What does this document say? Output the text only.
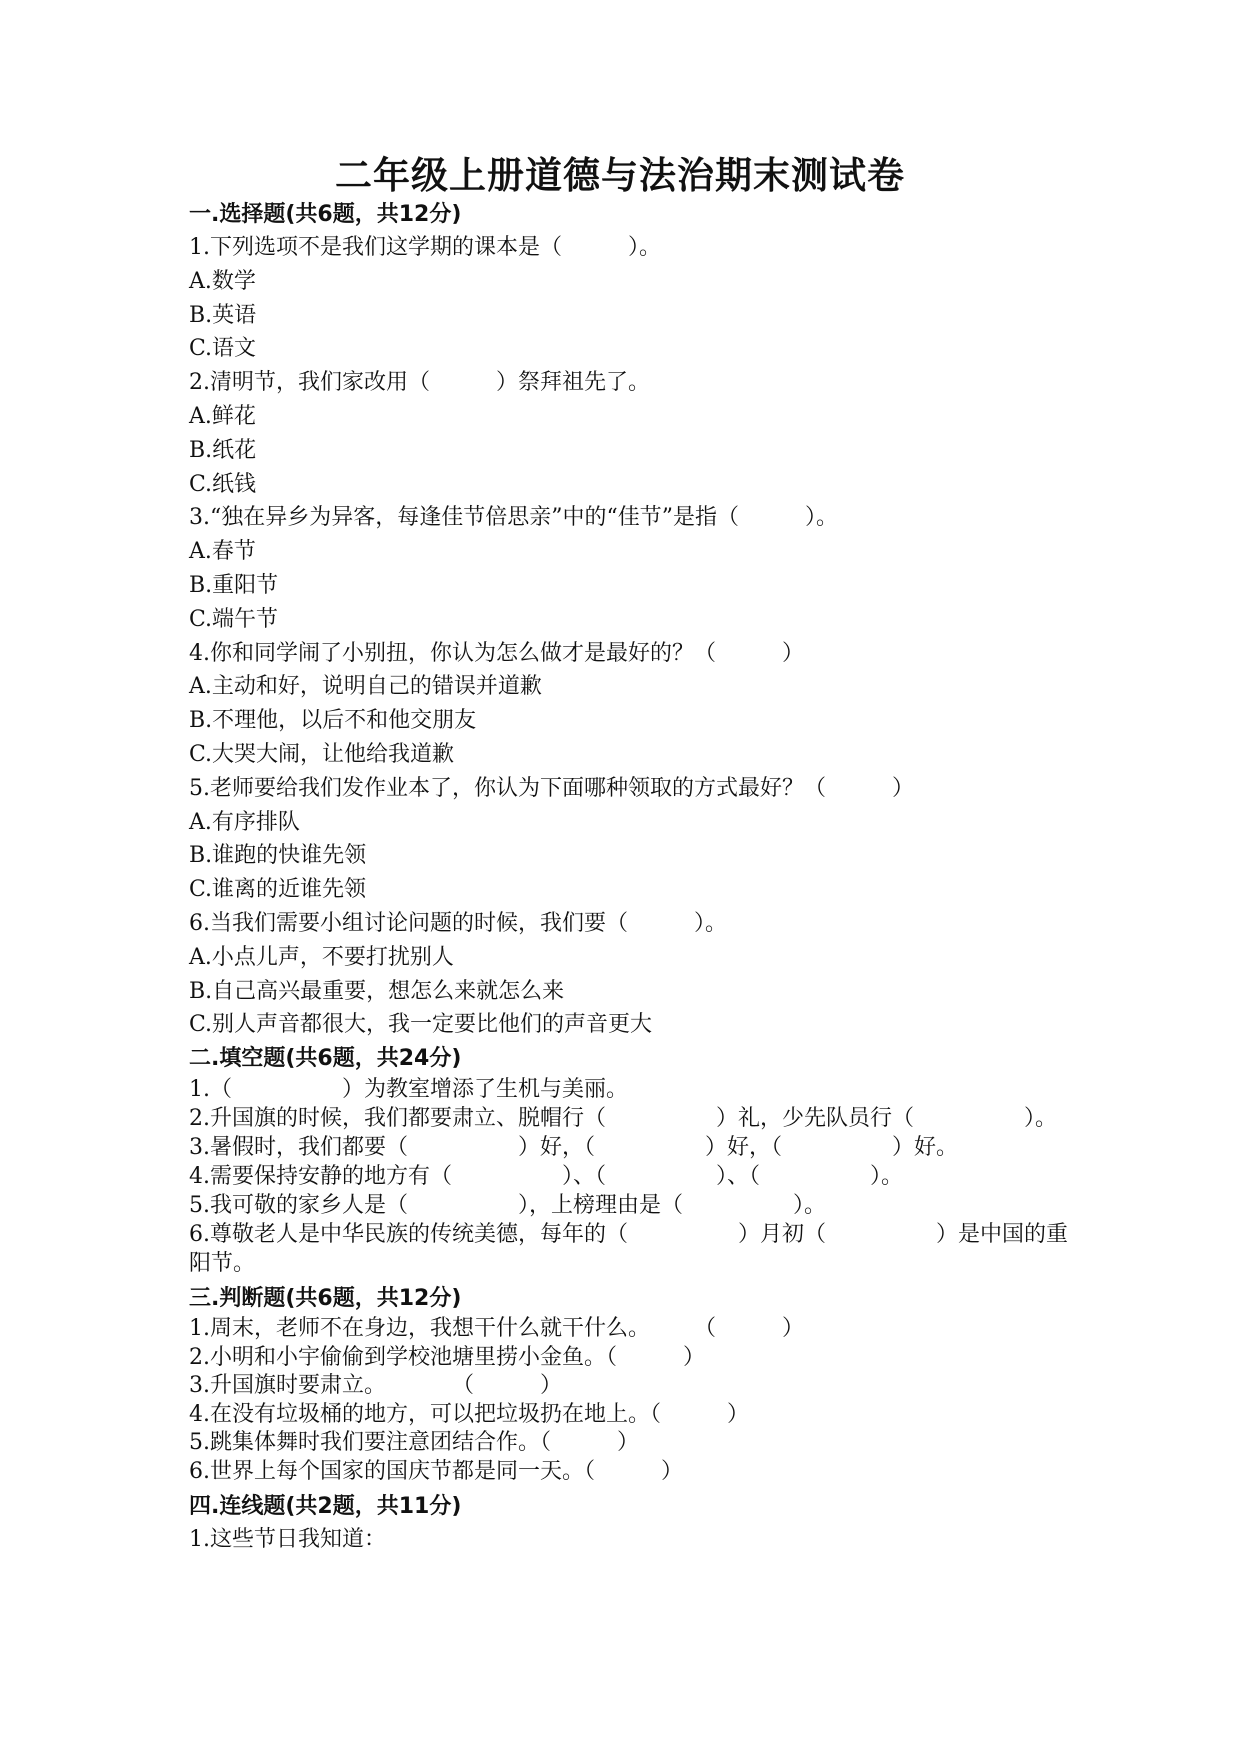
二年级上册道德与法治期末测试卷
一.选择题(共6题，共12分)
1.下列选项不是我们这学期的课本是（　　　）。
A.数学
B.英语
C.语文
2.清明节，我们家改用（　　　）祭拜祖先了。
A.鲜花
B.纸花
C.纸钱
3.“独在异乡为异客，每逢佳节倍思亲”中的“佳节”是指（　　　）。
A.春节
B.重阳节
C.端午节
4.你和同学闹了小别扭，你认为怎么做才是最好的？（　　　）
A.主动和好，说明自己的错误并道歉
B.不理他，以后不和他交朋友
C.大哭大闹，让他给我道歉
5.老师要给我们发作业本了，你认为下面哪种领取的方式最好？（　　　）
A.有序排队
B.谁跑的快谁先领
C.谁离的近谁先领
6.当我们需要小组讨论问题的时候，我们要（　　　）。
A.小点儿声，不要打扰别人
B.自己高兴最重要，想怎么来就怎么来
C.别人声音都很大，我一定要比他们的声音更大
二.填空题(共6题，共24分)
1.（　　　　　）为教室增添了生机与美丽。
2.升国旗的时候，我们都要肃立、脱帽行（　　　　　）礼，少先队员行（　　　　　）。
3.暑假时，我们都要（　　　　　）好，（　　　　　）好，（　　　　　）好。
4.需要保持安静的地方有（　　　　　）、（　　　　　）、（　　　　　）。
5.我可敬的家乡人是（　　　　　），上榜理由是（　　　　　）。
6.尊敬老人是中华民族的传统美德，每年的（　　　　　）月初（　　　　　）是中国的重阳节。
三.判断题(共6题，共12分)
1.周末，老师不在身边，我想干什么就干什么。　　　（　　　）
2.小明和小宇偷偷到学校池塘里捞小金鱼。（　　　）
3.升国旗时要肃立。　　　　（　　　）
4.在没有垃圾桶的地方，可以把垃圾扔在地上。（　　　）
5.跳集体舞时我们要注意团结合作。（　　　）
6.世界上每个国家的国庆节都是同一天。（　　　）
四.连线题(共2题，共11分)
1.这些节日我知道：
